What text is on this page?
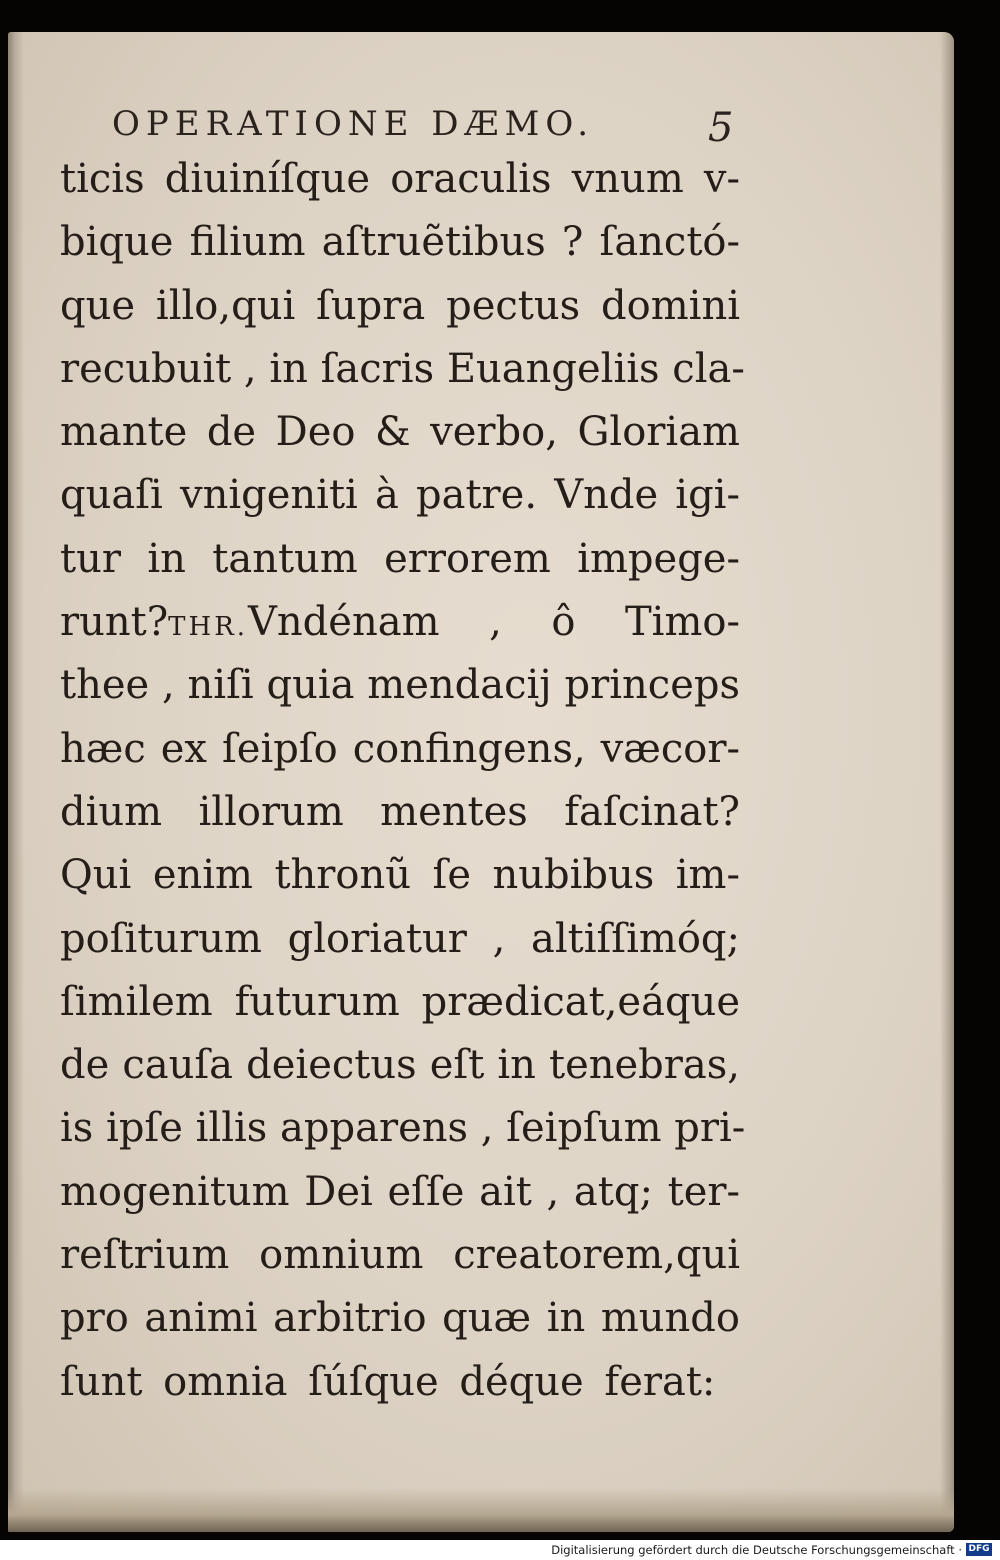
OPERATIONE DÆMO.	5
ticis diuiníſque oraculis vnum v-
bique filium aſtruẽtibus ? ſanctó-
que illo,qui ſupra pectus domini
recubuit , in ſacris Euangeliis cla-
mante de Deo & verbo, Gloriam
quaſi vnigeniti à patre. Vnde igi-
tur in tantum errorem impege-
runt?THR.Vndénam , ô Timo-
thee , niſi quia mendacij princeps
hæc ex ſeipſo confingens, væcor-
dium illorum mentes faſcinat?
Qui enim thronũ ſe nubibus im-
poſiturum gloriatur , altiſſimóq;
ſimilem futurum prædicat,eáque
de cauſa deiectus eſt in tenebras,
is ipſe illis apparens , ſeipſum pri-
mogenitum Dei eſſe ait , atq; ter-
reſtrium omnium creatorem,qui
pro animi arbitrio quæ in mundo
ſunt omnia ſúſque déque ferat:
Digitalisierung gefördert durch die Deutsche Forschungsgemeinschaft · DFG
